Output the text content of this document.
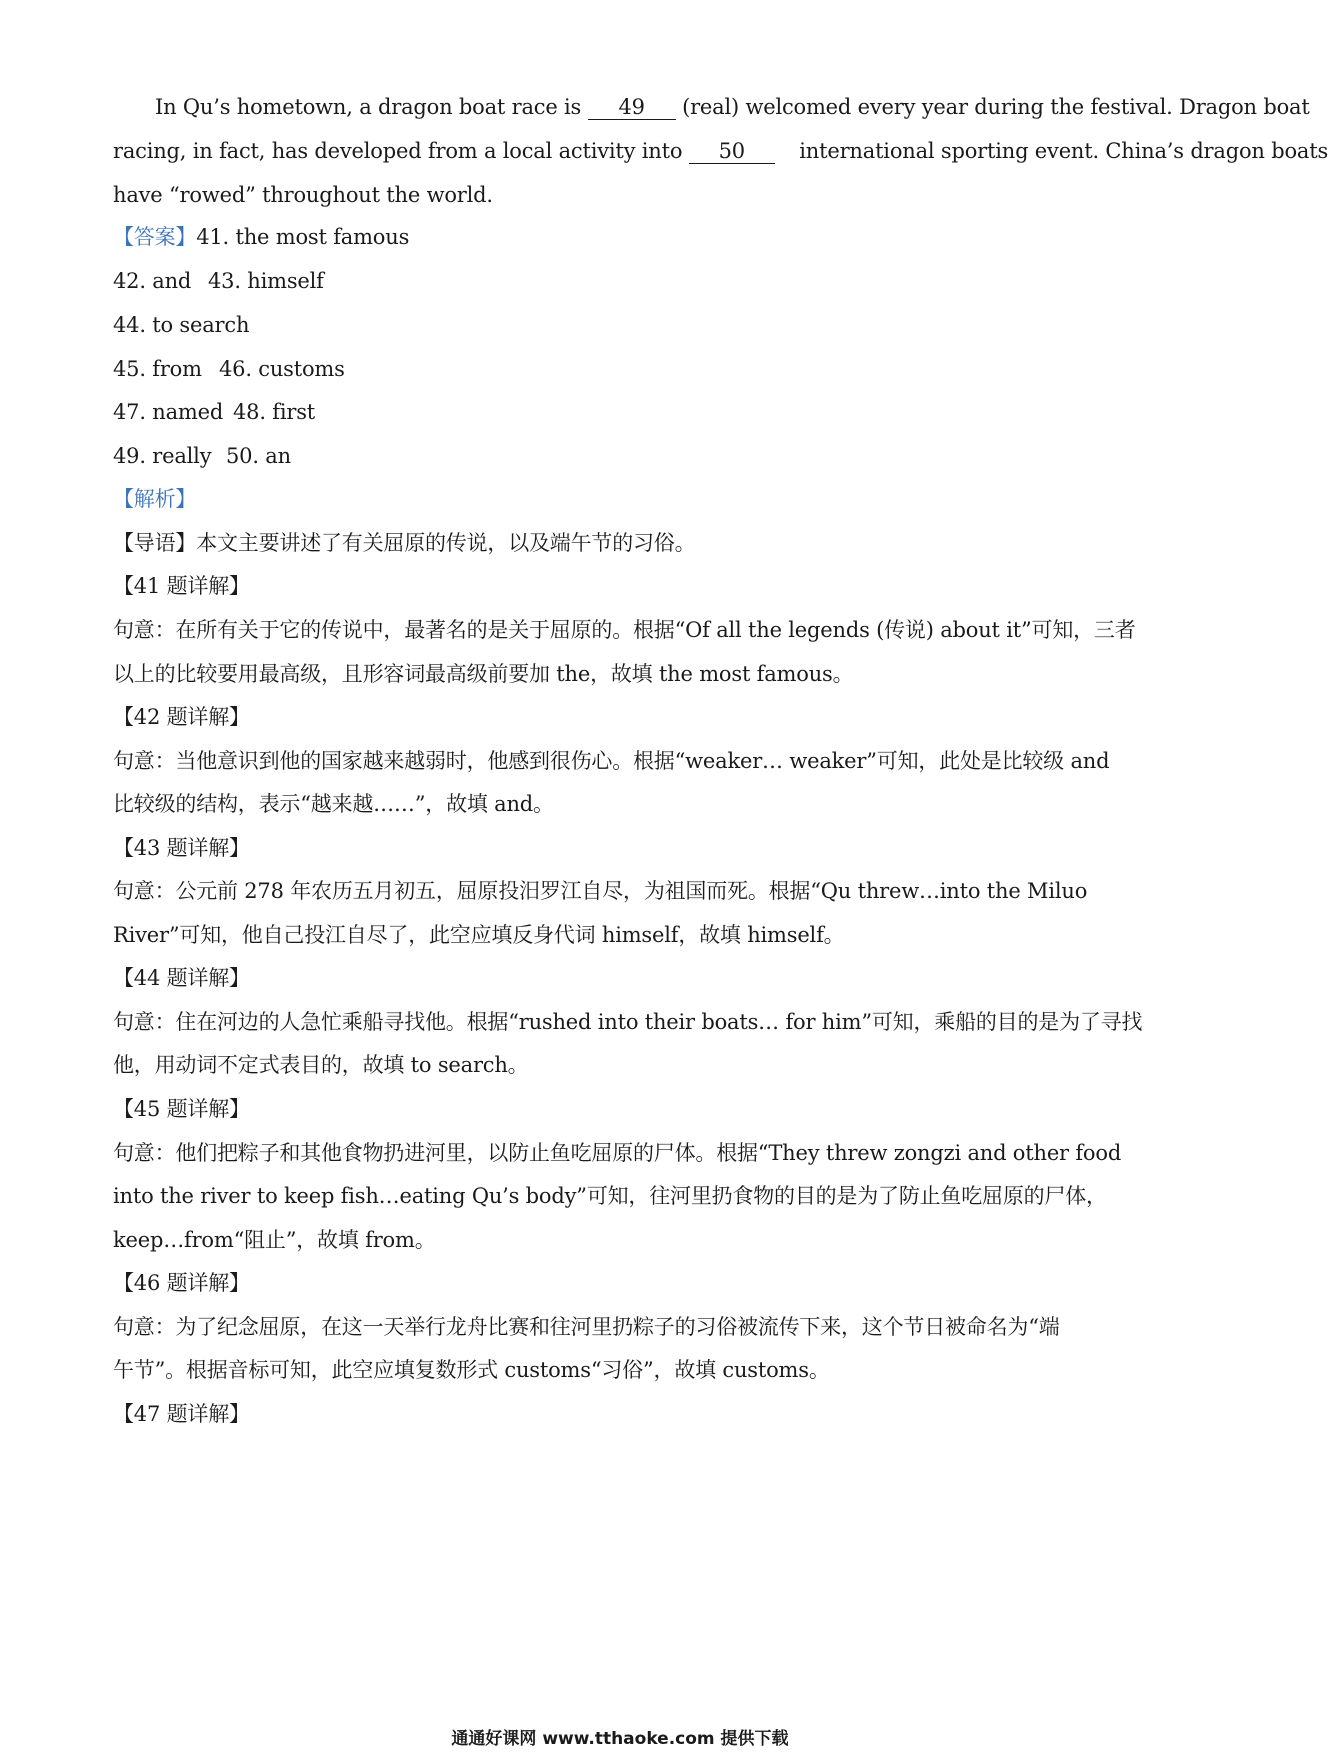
In Qu’s hometown, a dragon boat race is 49 (real) welcomed every year during the festival. Dragon boat
racing, in fact, has developed from a local activity into 50 international sporting event. China’s dragon boats
have “rowed” throughout the world.
【答案】41. the most famous
42. and 43. himself
44. to search
45. from 46. customs
47. named 48. first
49. really 50. an
【解析】
【导语】本文主要讲述了有关屈原的传说，以及端午节的习俗。
【41 题详解】
句意：在所有关于它的传说中，最著名的是关于屈原的。根据“Of all the legends (传说) about it”可知，三者
以上的比较要用最高级，且形容词最高级前要加 the，故填 the most famous。
【42 题详解】
句意：当他意识到他的国家越来越弱时，他感到很伤心。根据“weaker… weaker”可知，此处是比较级 and
比较级的结构，表示“越来越……”，故填 and。
【43 题详解】
句意：公元前 278 年农历五月初五，屈原投汨罗江自尽，为祖国而死。根据“Qu threw…into the Miluo
River”可知，他自己投江自尽了，此空应填反身代词 himself，故填 himself。
【44 题详解】
句意：住在河边的人急忙乘船寻找他。根据“rushed into their boats… for him”可知，乘船的目的是为了寻找
他，用动词不定式表目的，故填 to search。
【45 题详解】
句意：他们把粽子和其他食物扔进河里，以防止鱼吃屈原的尸体。根据“They threw zongzi and other food
into the river to keep fish…eating Qu’s body”可知，往河里扔食物的目的是为了防止鱼吃屈原的尸体，
keep…from“阻止”，故填 from。
【46 题详解】
句意：为了纪念屈原，在这一天举行龙舟比赛和往河里扔粽子的习俗被流传下来，这个节日被命名为“端
午节”。根据音标可知，此空应填复数形式 customs“习俗”，故填 customs。
【47 题详解】
通通好课网 www.tthaoke.com 提供下载
